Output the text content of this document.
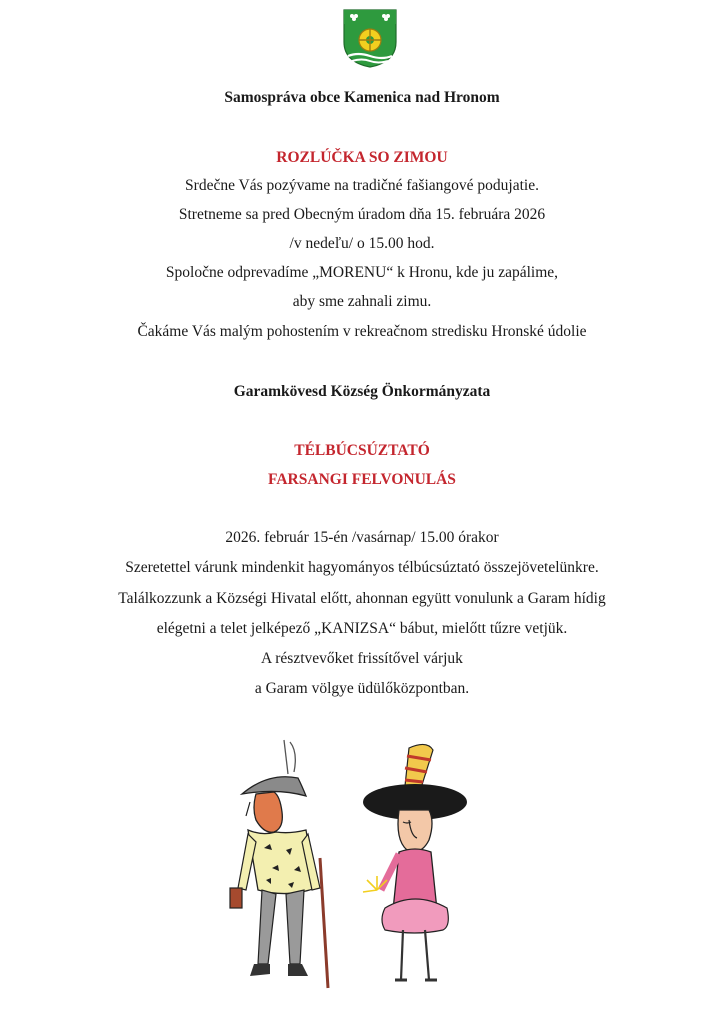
Samospráva obce Kamenica nad Hronom
ROZLÚČKA SO ZIMOU
Srdečne Vás pozývame na tradičné fašiangové podujatie.
Stretneme sa pred Obecným úradom dňa 15. februára 2026
/v nedeľu/ o 15.00 hod.
Spoločne odprevadíme „MORENU“ k Hronu, kde ju zapálime,
aby sme zahnali zimu.
Čakáme Vás malým pohostením v rekreačnom stredisku Hronské údolie
Garamkövesd Község Önkormányzata
TÉLBÚCSÚZTATÓ
FARSANGI FELVONULÁS
2026. február 15-én /vasárnap/ 15.00 órakor
Szeretettel várunk mindenkit hagyományos télbúcsúztató összejövetelünkre.
Találkozzunk a Községi Hivatal előtt, ahonnan együtt vonulunk a Garam hídig
elégetni a telet jelképező „KANIZSA“ bábut, mielőtt tűzre vetjük.
A résztvevőket frissítővel várjuk
a Garam völgye üdülőközpontban.
